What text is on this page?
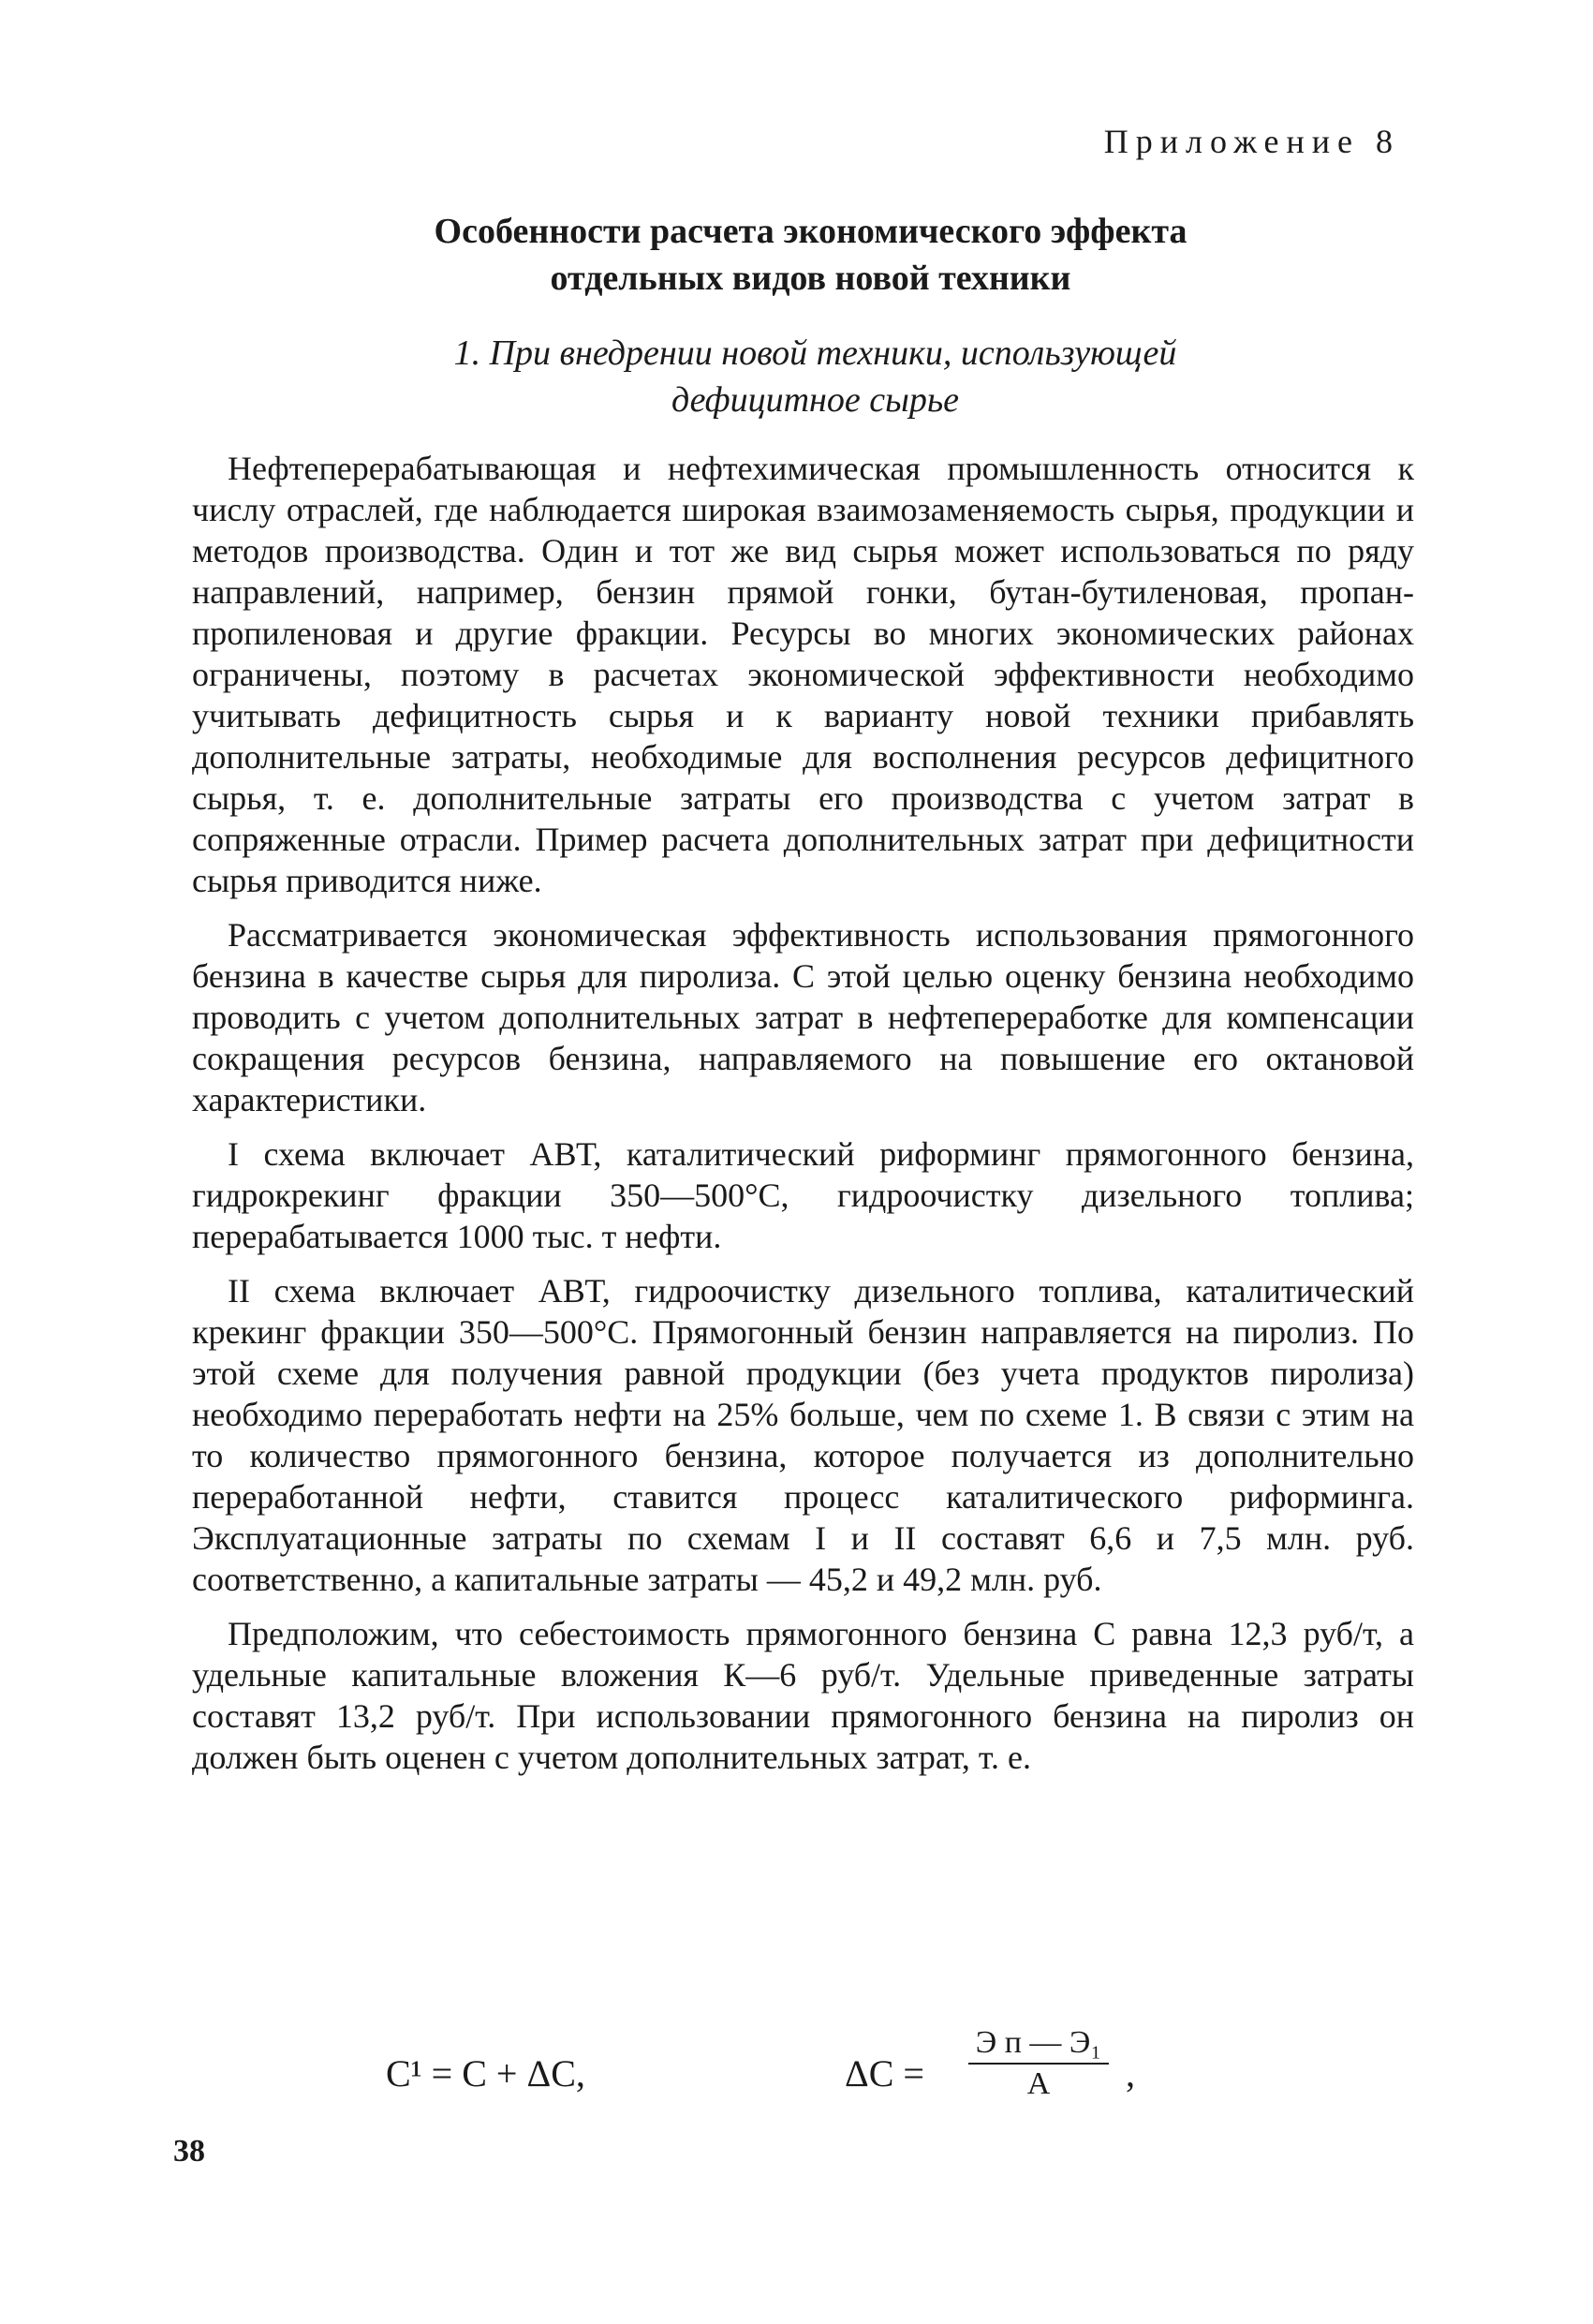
Приложение 8
Особенности расчета экономического эффекта
отдельных видов новой техники
1. При внедрении новой техники, использующей
дефицитное сырье

Нефтеперерабатывающая и нефтехимическая промышленность относится к числу отраслей, где наблюдается широкая взаимозаменяемость сырья, продукции и методов производства. Один и тот же вид сырья может использоваться по ряду направлений, например, бензин прямой гонки, бутан-бутиленовая, пропан-пропиленовая и другие фракции. Ресурсы во многих экономических районах ограничены, поэтому в расчетах экономической эффективности необходимо учитывать дефицитность сырья и к варианту новой техники прибавлять дополнительные затраты, необходимые для восполнения ресурсов дефицитного сырья, т. е. дополнительные затраты его производства с учетом затрат в сопряженные отрасли. Пример расчета дополнительных затрат при дефицитности сырья приводится ниже.

Рассматривается экономическая эффективность использования прямогонного бензина в качестве сырья для пиролиза. С этой целью оценку бензина необходимо проводить с учетом дополнительных затрат в нефтепереработке для компенсации сокращения ресурсов бензина, направляемого на повышение его октановой характеристики.

I схема включает АВТ, каталитический риформинг прямогонного бензина, гидрокрекинг фракции 350—500°С, гидроочистку дизельного топлива; перерабатывается 1000 тыс. т нефти.

II схема включает АВТ, гидроочистку дизельного топлива, каталитический крекинг фракции 350—500°С. Прямогонный бензин направляется на пиролиз. По этой схеме для получения равной продукции (без учета продуктов пиролиза) необходимо переработать нефти на 25% больше, чем по схеме 1. В связи с этим на то количество прямогонного бензина, которое получается из дополнительно переработанной нефти, ставится процесс каталитического риформинга. Эксплуатационные затраты по схемам I и II составят 6,6 и 7,5 млн. руб. соответственно, а капитальные затраты — 45,2 и 49,2 млн. руб.

Предположим, что себестоимость прямогонного бензина С равна 12,3 руб/т, а удельные капитальные вложения К—6 руб/т. Удельные приведенные затраты составят 13,2 руб/т. При использовании прямогонного бензина на пиролиз он должен быть оценен с учетом дополнительных затрат, т. е.

С¹ = С + ΔС,	ΔС =
Э п — Э₁
А	,
38
